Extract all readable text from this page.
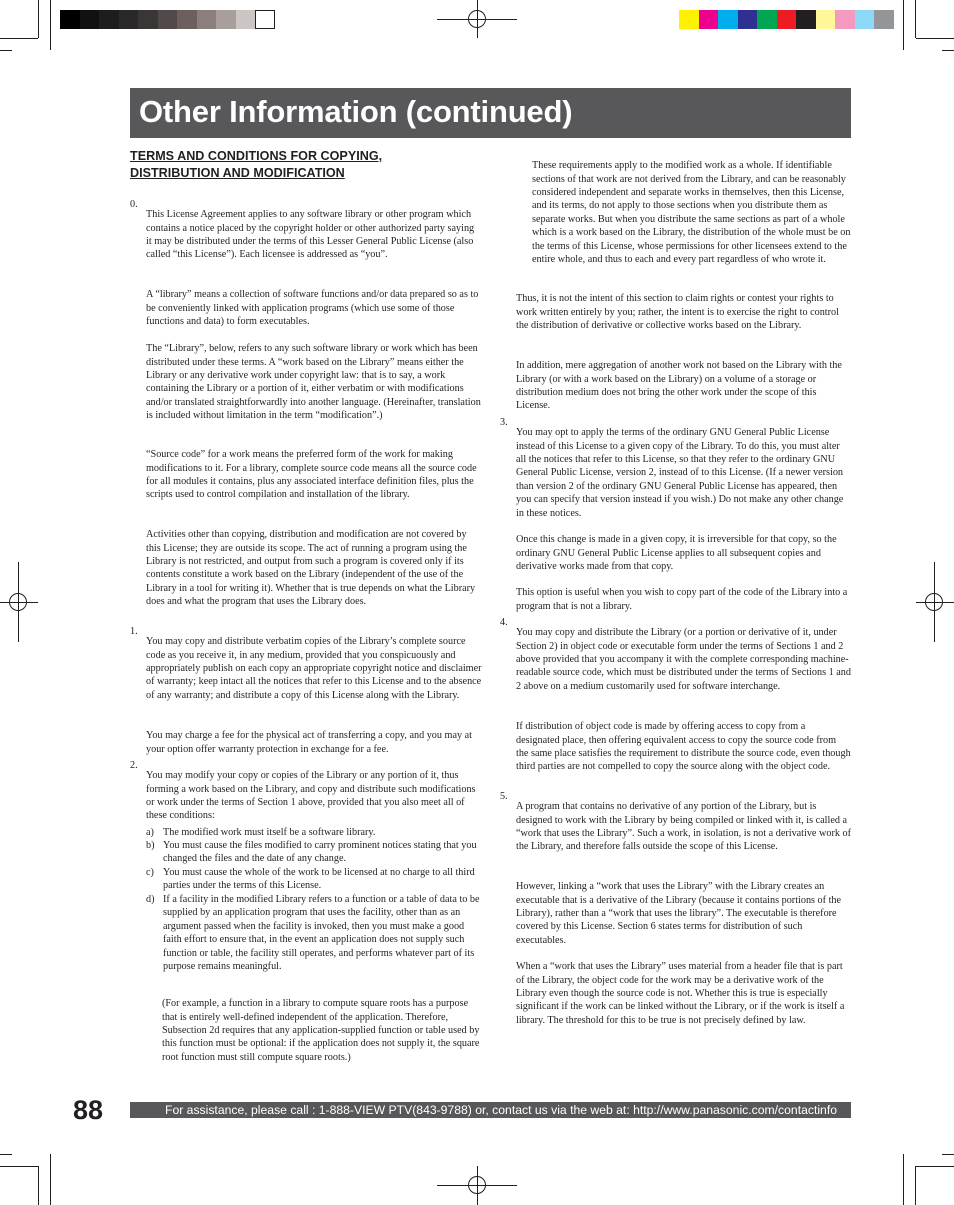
Other Information (continued)
TERMS AND CONDITIONS FOR COPYING,
DISTRIBUTION AND MODIFICATION
0.

This License Agreement applies to any software library or other program which contains a notice placed by the copyright holder or other authorized party saying it may be distributed under the terms of this Lesser General Public License (also called “this License”). Each licensee is addressed as “you”.

A “library” means a collection of software functions and/or data prepared so as to be conveniently linked with application programs (which use some of those functions and data) to form executables.

The “Library”, below, refers to any such software library or work which has been distributed under these terms. A “work based on the Library” means either the Library or any derivative work under copyright law: that is to say, a work containing the Library or a portion of it, either verbatim or with modifications and/or translated straightforwardly into another language. (Hereinafter, translation is included without limitation in the term “modification”.)

“Source code” for a work means the preferred form of the work for making modifications to it. For a library, complete source code means all the source code for all modules it contains, plus any associated interface definition files, plus the scripts used to control compilation and installation of the library.

Activities other than copying, distribution and modification are not covered by this License; they are outside its scope. The act of running a program using the Library is not restricted, and output from such a program is covered only if its contents constitute a work based on the Library (independent of the use of the Library in a tool for writing it). Whether that is true depends on what the Library does and what the program that uses the Library does.

1.

You may copy and distribute verbatim copies of the Library’s complete source code as you receive it, in any medium, provided that you conspicuously and appropriately publish on each copy an appropriate copyright notice and disclaimer of warranty; keep intact all the notices that refer to this License and to the absence of any warranty; and distribute a copy of this License along with the Library.

You may charge a fee for the physical act of transferring a copy, and you may at your option offer warranty protection in exchange for a fee.

2.

You may modify your copy or copies of the Library or any portion of it, thus forming a work based on the Library, and copy and distribute such modifications or work under the terms of Section 1 above, provided that you also meet all of these conditions:

a) The modified work must itself be a software library.

b) You must cause the files modified to carry prominent notices stating that you changed the files and the date of any change.

c) You must cause the whole of the work to be licensed at no charge to all third parties under the terms of this License.

d) If a facility in the modified Library refers to a function or a table of data to be supplied by an application program that uses the facility, other than as an argument passed when the facility is invoked, then you must make a good faith effort to ensure that, in the event an application does not supply such function or table, the facility still operates, and performs whatever part of its purpose remains meaningful.

(For example, a function in a library to compute square roots has a purpose that is entirely well-defined independent of the application. Therefore, Subsection 2d requires that any application-supplied function or table used by this function must be optional: if the application does not supply it, the square root function must still compute square roots.)

These requirements apply to the modified work as a whole. If identifiable sections of that work are not derived from the Library, and can be reasonably considered independent and separate works in themselves, then this License, and its terms, do not apply to those sections when you distribute them as separate works. But when you distribute the same sections as part of a whole which is a work based on the Library, the distribution of the whole must be on the terms of this License, whose permissions for other licensees extend to the entire whole, and thus to each and every part regardless of who wrote it.

Thus, it is not the intent of this section to claim rights or contest your rights to work written entirely by you; rather, the intent is to exercise the right to control the distribution of derivative or collective works based on the Library.

In addition, mere aggregation of another work not based on the Library with the Library (or with a work based on the Library) on a volume of a storage or distribution medium does not bring the other work under the scope of this License.

3.

You may opt to apply the terms of the ordinary GNU General Public License instead of this License to a given copy of the Library. To do this, you must alter all the notices that refer to this License, so that they refer to the ordinary GNU General Public License, version 2, instead of to this License. (If a newer version than version 2 of the ordinary GNU General Public License has appeared, then you can specify that version instead if you wish.) Do not make any other change in these notices.

Once this change is made in a given copy, it is irreversible for that copy, so the ordinary GNU General Public License applies to all subsequent copies and derivative works made from that copy.

This option is useful when you wish to copy part of the code of the Library into a program that is not a library.

4.

You may copy and distribute the Library (or a portion or derivative of it, under Section 2) in object code or executable form under the terms of Sections 1 and 2 above provided that you accompany it with the complete corresponding machine-readable source code, which must be distributed under the terms of Sections 1 and 2 above on a medium customarily used for software interchange.

If distribution of object code is made by offering access to copy from a designated place, then offering equivalent access to copy the source code from the same place satisfies the requirement to distribute the source code, even though third parties are not compelled to copy the source along with the object code.

5.

A program that contains no derivative of any portion of the Library, but is designed to work with the Library by being compiled or linked with it, is called a “work that uses the Library”. Such a work, in isolation, is not a derivative work of the Library, and therefore falls outside the scope of this License.

However, linking a “work that uses the Library” with the Library creates an executable that is a derivative of the Library (because it contains portions of the Library), rather than a “work that uses the library”. The executable is therefore covered by this License. Section 6 states terms for distribution of such executables.

When a “work that uses the Library” uses material from a header file that is part of the Library, the object code for the work may be a derivative work of the Library even though the source code is not. Whether this is true is especially significant if the work can be linked without the Library, or if the work is itself a library. The threshold for this to be true is not precisely defined by law.

88	For assistance, please call : 1-888-VIEW PTV(843-9788) or, contact us via the web at: http://www.panasonic.com/contactinfo
